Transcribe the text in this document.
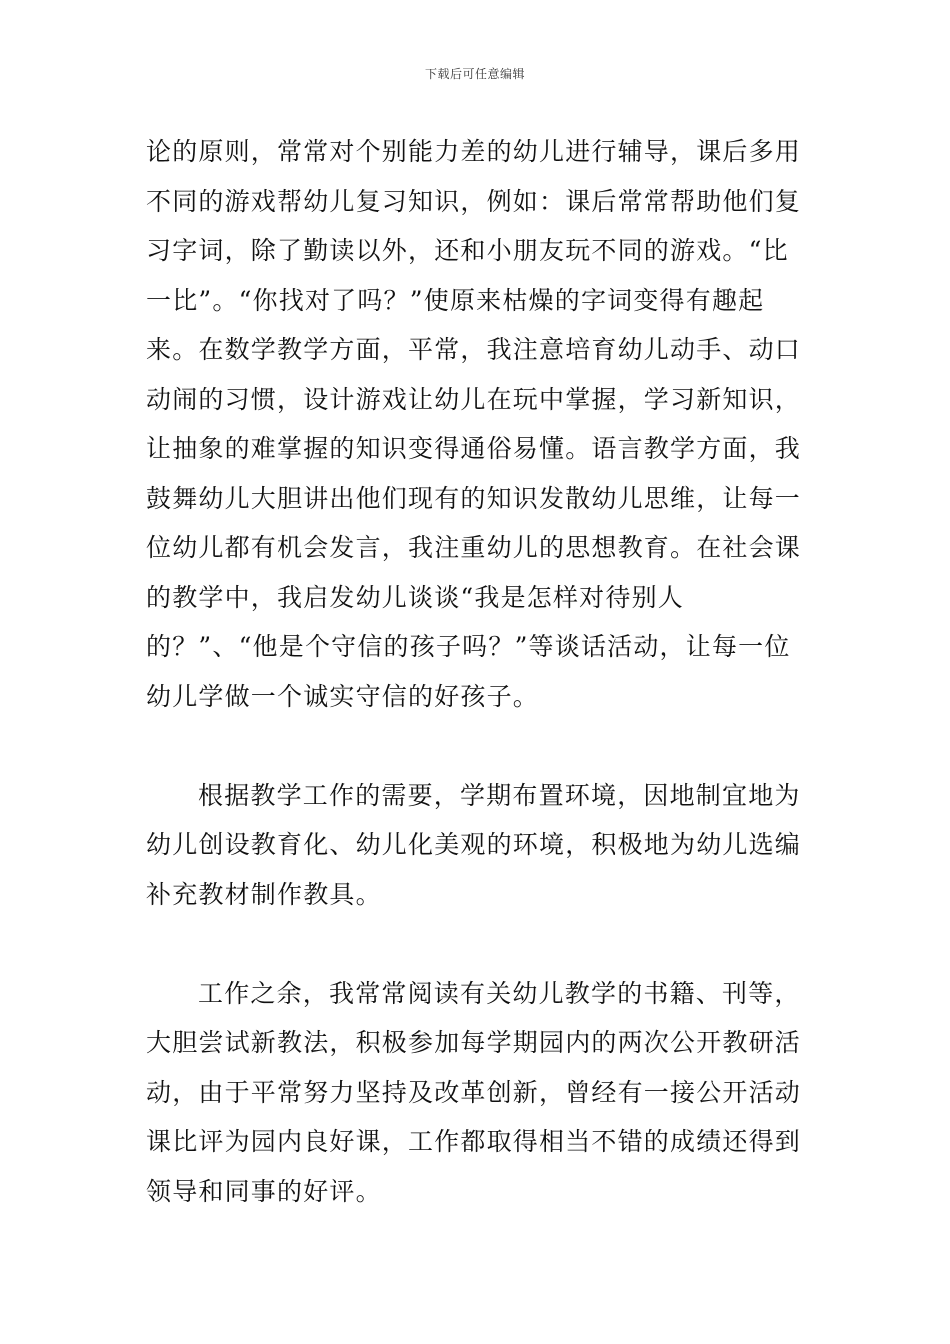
下载后可任意编辑

论的原则，常常对个别能力差的幼儿进行辅导，课后多用不同的游戏帮幼儿复习知识，例如：课后常常帮助他们复习字词，除了勤读以外，还和小朋友玩不同的游戏。“比一比”。“你找对了吗？”使原来枯燥的字词变得有趣起来。在数学教学方面，平常，我注意培育幼儿动手、动口动闹的习惯，设计游戏让幼儿在玩中掌握，学习新知识，让抽象的难掌握的知识变得通俗易懂。语言教学方面，我鼓舞幼儿大胆讲出他们现有的知识发散幼儿思维，让每一位幼儿都有机会发言，我注重幼儿的思想教育。在社会课的教学中，我启发幼儿谈谈“我是怎样对待别人的？”、“他是个守信的孩子吗？”等谈话活动，让每一位幼儿学做一个诚实守信的好孩子。

根据教学工作的需要，学期布置环境，因地制宜地为幼儿创设教育化、幼儿化美观的环境，积极地为幼儿选编补充教材制作教具。

工作之余，我常常阅读有关幼儿教学的书籍、刊等，大胆尝试新教法，积极参加每学期园内的两次公开教研活动，由于平常努力坚持及改革创新，曾经有一接公开活动课比评为园内良好课，工作都取得相当不错的成绩还得到领导和同事的好评。
